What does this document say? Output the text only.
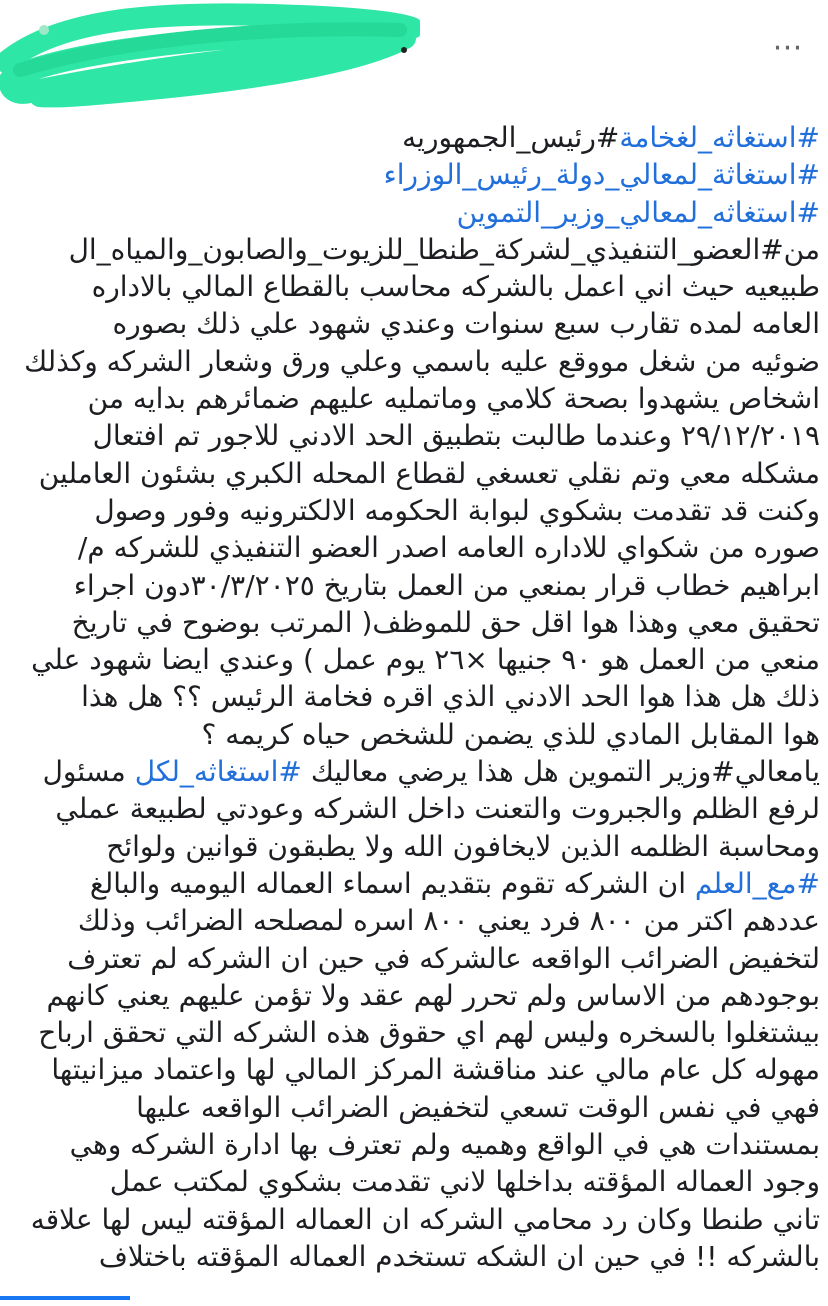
⋯
#استغاثه_لغخامة#رئيس_الجمهوريه
#استغاثة_لمعالي_دولة_رئيس_الوزراء
#استغاثه_لمعالي_وزير_التموين
من#العضو_التنفيذي_لشركة_طنطا_للزيوت_والصابون_والمياه_ال
طبيعيه حيث اني اعمل بالشركه محاسب بالقطاع المالي بالاداره
العامه لمده تقارب سبع سنوات وعندي شهود علي ذلك بصوره
ضوئيه من شغل مووقع عليه باسمي وعلي ورق وشعار الشركه وكذلك
اشخاص يشهدوا بصحة كلامي وماتمليه عليهم ضمائرهم بدايه من
٢٩/١٢/٢٠١٩ وعندما طالبت بتطبيق الحد الادني للاجور تم افتعال
مشكله معي وتم نقلي تعسغي لقطاع المحله الكبري بشئون العاملين
وكنت قد تقدمت بشكوي لبوابة الحكومه الالكترونيه وفور وصول
صوره من شكواي للاداره العامه اصدر العضو التنفيذي للشركه م/
ابراهيم خطاب قرار بمنعي من العمل بتاريخ ٣٠/٣/٢٠٢٥دون اجراء
تحقيق معي وهذا هوا اقل حق للموظف( المرتب بوضوح في تاريخ
منعي من العمل هو ٩٠ جنيها ×٢٦ يوم عمل ) وعندي ايضا شهود علي
ذلك هل هذا هوا الحد الادني الذي اقره فخامة الرئيس ؟؟ هل هذا
هوا المقابل المادي للذي يضمن للشخص حياه كريمه ؟
يامعالي#وزير التموين هل هذا يرضي معاليك #استغاثه_لكل مسئول
لرفع الظلم والجبروت والتعنت داخل الشركه وعودتي لطبيعة عملي
ومحاسبة الظلمه الذين لايخافون الله ولا يطبقون قوانين ولوائح
#مع_العلم ان الشركه تقوم بتقديم اسماء العماله اليوميه والبالغ
عددهم اكتر من ٨٠٠ فرد يعني ٨٠٠ اسره لمصلحه الضرائب وذلك
لتخفيض الضرائب الواقعه عالشركه في حين ان الشركه لم تعترف
بوجودهم من الاساس ولم تحرر لهم عقد ولا تؤمن عليهم يعني كانهم
بيشتغلوا بالسخره وليس لهم اي حقوق هذه الشركه التي تحقق ارباح
مهوله كل عام مالي عند مناقشة المركز المالي لها واعتماد ميزانيتها
فهي في نفس الوقت تسعي لتخفيض الضرائب الواقعه عليها
بمستندات هي في الواقع وهميه ولم تعترف بها ادارة الشركه وهي
وجود العماله المؤقته بداخلها لاني تقدمت بشكوي لمكتب عمل
تاني طنطا وكان رد محامي الشركه ان العماله المؤقته ليس لها علاقه
بالشركه !! في حين ان الشكه تستخدم العماله المؤقته باختلاف
